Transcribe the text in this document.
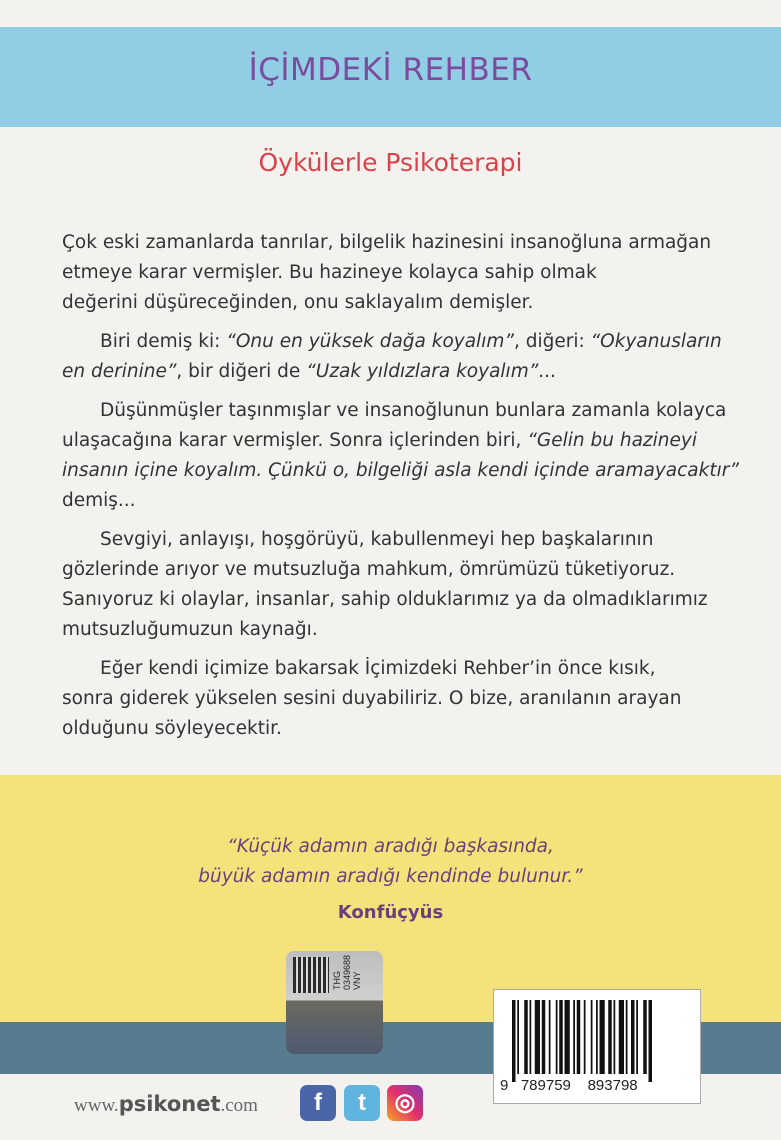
İÇİMDEKİ REHBER
Öykülerle Psikoterapi
Çok eski zamanlarda tanrılar, bilgelik hazinesini insanoğluna armağan
etmeye karar vermişler. Bu hazineye kolayca sahip olmak
değerini düşüreceğinden, onu saklayalım demişler.
Biri demiş ki: “Onu en yüksek dağa koyalım”, diğeri: “Okyanusların
en derinine”, bir diğeri de “Uzak yıldızlara koyalım”...
Düşünmüşler taşınmışlar ve insanoğlunun bunlara zamanla kolayca
ulaşacağına karar vermişler. Sonra içlerinden biri, “Gelin bu hazineyi
insanın içine koyalım. Çünkü o, bilgeliği asla kendi içinde aramayacaktır”
demiş...
Sevgiyi, anlayışı, hoşgörüyü, kabullenmeyi hep başkalarının
gözlerinde arıyor ve mutsuzluğa mahkum, ömrümüzü tüketiyoruz.
Sanıyoruz ki olaylar, insanlar, sahip olduklarımız ya da olmadıklarımız
mutsuzluğumuzun kaynağı.
Eğer kendi içimize bakarsak İçimizdeki Rehber’in önce kısık,
sonra giderek yükselen sesini duyabiliriz. O bize, aranılanın arayan
olduğunu söyleyecektir.
“Küçük adamın aradığı başkasında,
büyük adamın aradığı kendinde bulunur.”
Konfüçyüs
THG
0349688
VNY
9   789759    893798
www.psikonet.com	f	t	◎
